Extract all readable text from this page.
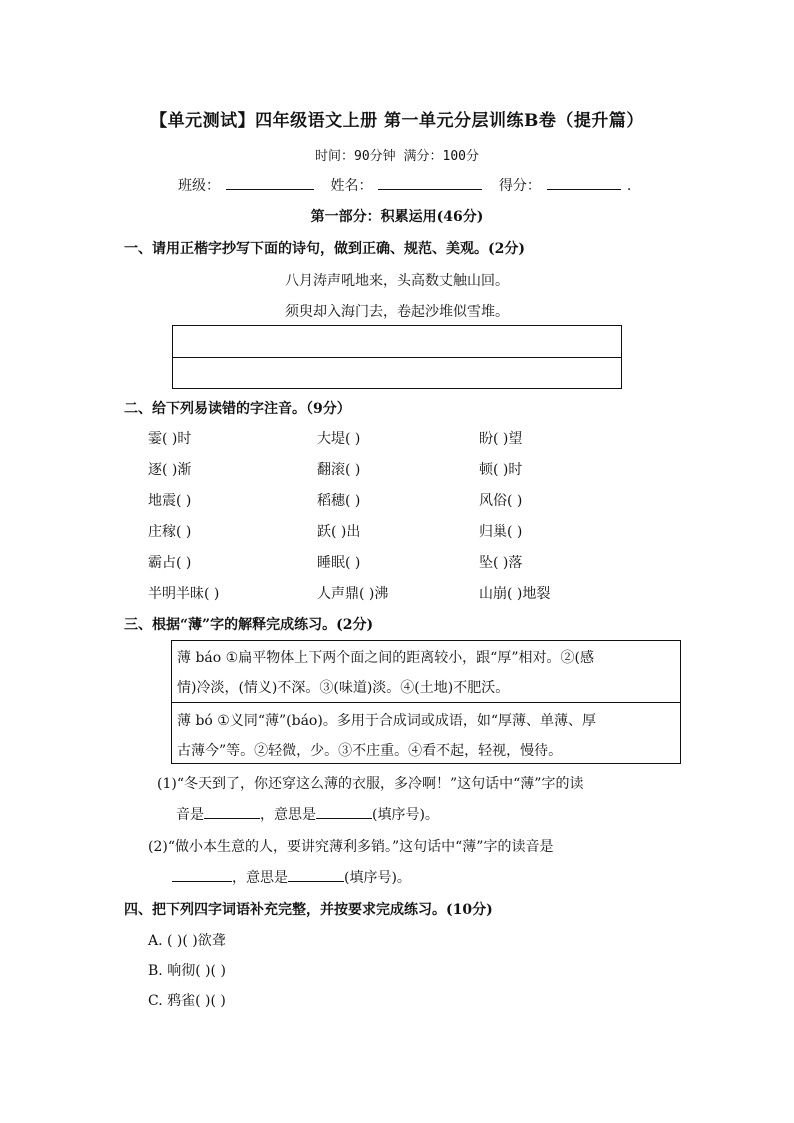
【单元测试】四年级语文上册 第一单元分层训练B卷（提升篇）
时间：90分钟 满分：100分
班级：	姓名：	得分：	.
第一部分：积累运用(46分)
一、请用正楷字抄写下面的诗句，做到正确、规范、美观。(2分)
八月涛声吼地来，头高数丈触山回。
须臾却入海门去，卷起沙堆似雪堆。
二、给下列易读错的字注音。（9分）
霎( )时	大堤( )	盼( )望
逐( )渐	翻滚( )	顿( )时
地震( )	稻穗( )	风俗( )
庄稼( )	跃( )出	归巢( )
霸占( )	睡眠( )	坠( )落
半明半昧( )	人声鼎( )沸	山崩( )地裂
三、根据“薄”字的解释完成练习。(2分)
薄 báo ①扁平物体上下两个面之间的距离较小，跟“厚”相对。②(感
情)冷淡，(情义)不深。③(味道)淡。④(土地)不肥沃。
薄 bó ①义同“薄”(báo)。多用于合成词或成语，如“厚薄、单薄、厚
古薄今”等。②轻微，少。③不庄重。④看不起，轻视，慢待。
(1)“冬天到了，你还穿这么薄的衣服，多冷啊！”这句话中“薄”字的读
音是	，意思是	(填序号)。
(2)“做小本生意的人，要讲究薄利多销。”这句话中“薄”字的读音是
，意思是	(填序号)。
四、把下列四字词语补充完整，并按要求完成练习。(10分)
A. ( )( )欲聋
B. 响彻( )( )
C. 鸦雀( )( )
